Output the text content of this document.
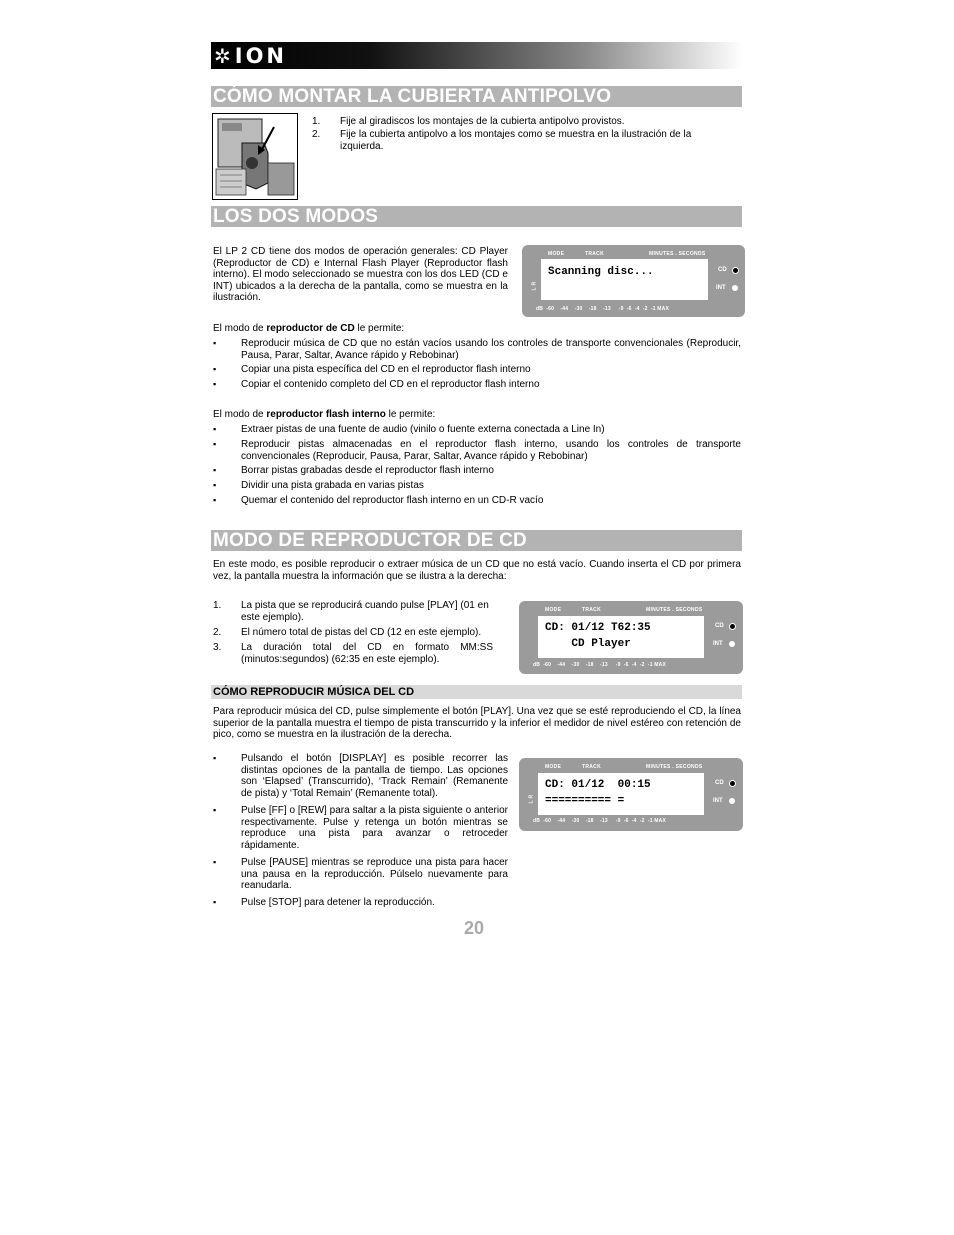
✲ ION
CÓMO MONTAR LA CUBIERTA ANTIPOLVO
1. Fije al giradiscos los montajes de la cubierta antipolvo provistos.
2. Fije la cubierta antipolvo a los montajes como se muestra en la ilustración de la izquierda.
LOS DOS MODOS
El LP 2 CD tiene dos modos de operación generales: CD Player (Reproductor de CD) e Internal Flash Player (Reproductor flash interno). El modo seleccionado se muestra con los dos LED (CD e INT) ubicados a la derecha de la pantalla, como se muestra en la ilustración.
MODE	TRACK	MINUTES . SECONDS
Scanning disc...
L R
CD
INT
dB  -60    -44    -30    -18    -13     -9  -6  -4  -2  -1 MAX
El modo de reproductor de CD le permite:
▪ Reproducir música de CD que no están vacíos usando los controles de transporte convencionales (Reproducir, Pausa, Parar, Saltar, Avance rápido y Rebobinar)
▪ Copiar una pista específica del CD en el reproductor flash interno
▪ Copiar el contenido completo del CD en el reproductor flash interno
El modo de reproductor flash interno le permite:
▪ Extraer pistas de una fuente de audio (vinilo o fuente externa conectada a Line In)
▪ Reproducir pistas almacenadas en el reproductor flash interno, usando los controles de transporte convencionales (Reproducir, Pausa, Parar, Saltar, Avance rápido y Rebobinar)
▪ Borrar pistas grabadas desde el reproductor flash interno
▪ Dividir una pista grabada en varias pistas
▪ Quemar el contenido del reproductor flash interno en un CD-R vacío
MODO DE REPRODUCTOR DE CD
En este modo, es posible reproducir o extraer música de un CD que no está vacío. Cuando inserta el CD por primera vez, la pantalla muestra la información que se ilustra a la derecha:
1. La pista que se reproducirá cuando pulse [PLAY] (01 en este ejemplo).
2. El número total de pistas del CD (12 en este ejemplo).
3. La duración total del CD en formato MM:SS (minutos:segundos) (62:35 en este ejemplo).
MODE	TRACK	MINUTES . SECONDS
CD: 01/12 T62:35
CD Player
CD
INT
dB  -60    -44    -30    -18    -13     -9  -6  -4  -2  -1 MAX
CÓMO REPRODUCIR MÚSICA DEL CD
Para reproducir música del CD, pulse simplemente el botón [PLAY]. Una vez que se esté reproduciendo el CD, la línea superior de la pantalla muestra el tiempo de pista transcurrido y la inferior el medidor de nivel estéreo con retención de pico, como se muestra en la ilustración de la derecha.
▪ Pulsando el botón [DISPLAY] es posible recorrer las distintas opciones de la pantalla de tiempo. Las opciones son ‘Elapsed’ (Transcurrido), ‘Track Remain’ (Remanente de pista) y ‘Total Remain’ (Remanente total).
▪ Pulse [FF] o [REW] para saltar a la pista siguiente o anterior respectivamente. Pulse y retenga un botón mientras se reproduce una pista para avanzar o retroceder rápidamente.
▪ Pulse [PAUSE] mientras se reproduce una pista para hacer una pausa en la reproducción. Púlselo nuevamente para reanudarla.
▪ Pulse [STOP] para detener la reproducción.
MODE	TRACK	MINUTES . SECONDS
L R
CD: 01/12  00:15
========== =
CD
INT
dB  -60    -44    -30    -18    -13     -9  -6  -4  -2  -1 MAX
20
